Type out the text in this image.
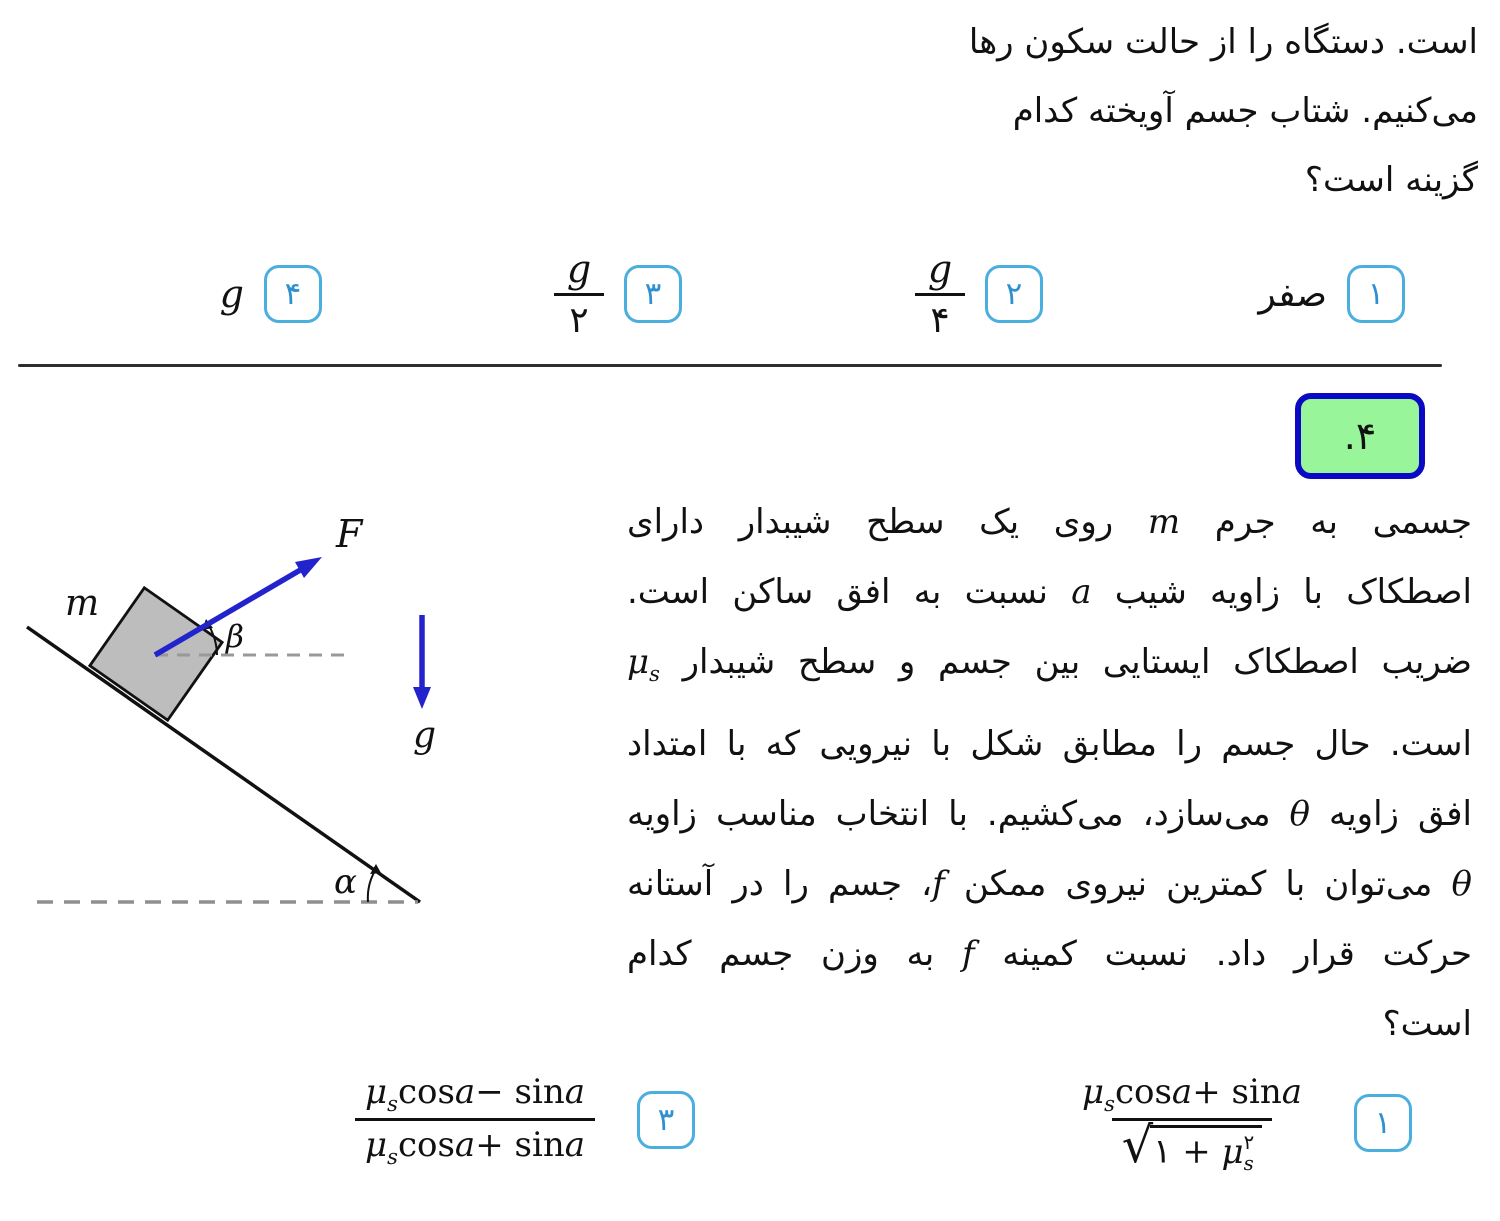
است. دستگاه را از حالت سکون رها
می‌کنیم. شتاب جسم آویخته کدام
گزینه است؟
۱
صفر
۲
$\frac{g}{۴}$
۳
$\frac{g}{۲}$
۴
g
.۴
جسمی به جرم m روی یک سطح شیبدار دارای
اصطکاک با زاویه شیب a نسبت به افق ساکن است.
ضریب اصطکاک ایستایی بین جسم و سطح شیبدار $\mu_s$
است. حال جسم را مطابق شکل با نیرویی که با امتداد
افق زاویه θ می‌سازد، می‌کشیم. با انتخاب مناسب زاویه
θ می‌توان با کمترین نیروی ممکن f، جسم را در آستانه
حرکت قرار داد. نسبت کمینه f به وزن جسم کدام
است؟
m
F
g
β
α
۱
$\mu_s$ cos a + sin a
√ ۱ + μ ۲
s
۳
$\frac{\mu_s \cos a - \sin a}{\mu_s \cos a + \sin a}$
